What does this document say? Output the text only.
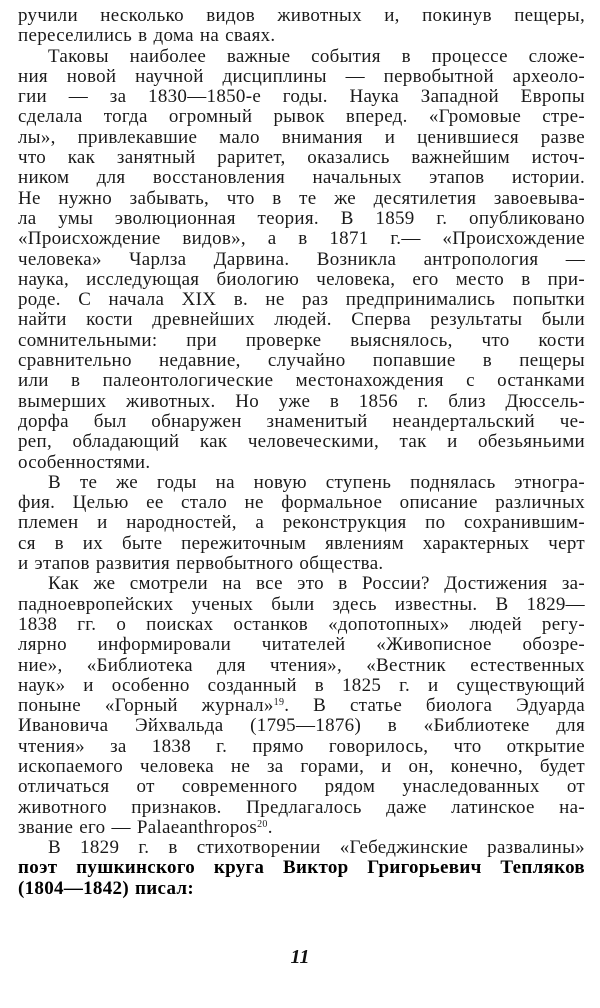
ручили несколько видов животных и, покинув пещеры,
переселились в дома на сваях.
Таковы наиболее важные события в процессе сложе-
ния новой научной дисциплины — первобытной археоло-
гии — за 1830—1850-е годы. Наука Западной Европы
сделала тогда огромный рывок вперед. «Громовые стре-
лы», привлекавшие мало внимания и ценившиеся разве
что как занятный раритет, оказались важнейшим источ-
ником для восстановления начальных этапов истории.
Не нужно забывать, что в те же десятилетия завоевыва-
ла умы эволюционная теория. В 1859 г. опубликовано
«Происхождение видов», а в 1871 г.— «Происхождение
человека» Чарлза Дарвина. Возникла антропология —
наука, исследующая биологию человека, его место в при-
роде. С начала XIX в. не раз предпринимались попытки
найти кости древнейших людей. Сперва результаты были
сомнительными: при проверке выяснялось, что кости
сравнительно недавние, случайно попавшие в пещеры
или в палеонтологические местонахождения с останками
вымерших животных. Но уже в 1856 г. близ Дюссель-
дорфа был обнаружен знаменитый неандертальский че-
реп, обладающий как человеческими, так и обезьяньими
особенностями.
В те же годы на новую ступень поднялась этногра-
фия. Целью ее стало не формальное описание различных
племен и народностей, а реконструкция по сохранившим-
ся в их быте пережиточным явлениям характерных черт
и этапов развития первобытного общества.
Как же смотрели на все это в России? Достижения за-
падноевропейских ученых были здесь известны. В 1829—
1838 гг. о поисках останков «допотопных» людей регу-
лярно информировали читателей «Живописное обозре-
ние», «Библиотека для чтения», «Вестник естественных
наук» и особенно созданный в 1825 г. и существующий
поныне «Горный журнал»$^{19}$. В статье биолога Эдуарда
Ивановича Эйхвальда (1795—1876) в «Библиотеке для
чтения» за 1838 г. прямо говорилось, что открытие
ископаемого человека не за горами, и он, конечно, будет
отличаться от современного рядом унаследованных от
животного признаков. Предлагалось даже латинское на-
звание его — Palaeanthropos$^{20}$.
В 1829 г. в стихотворении «Гебеджинские развалины»
поэт пушкинского круга Виктор Григорьевич Тепляков
(1804—1842) писал:
11
